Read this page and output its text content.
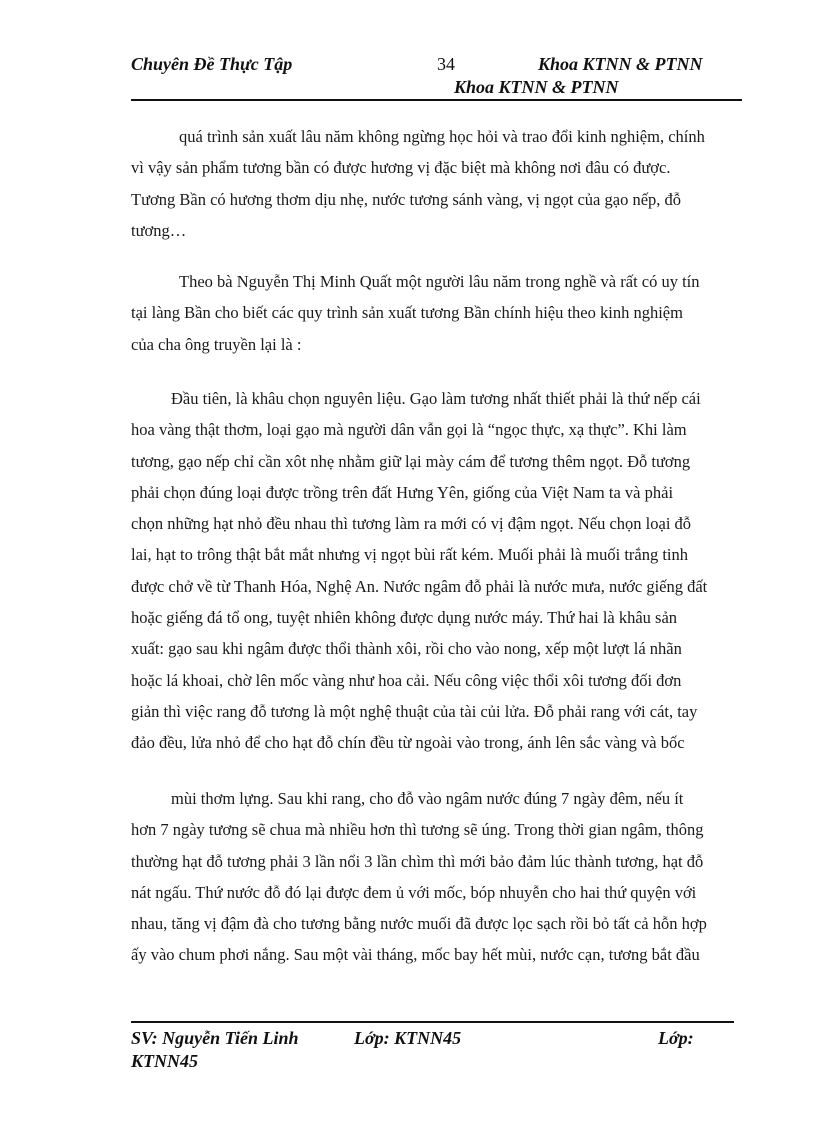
Chuyên Đề Thực Tập	34	Khoa KTNN & PTNN
Khoa KTNN & PTNN
quá trình sản xuất lâu năm không ngừng học hỏi và trao đổi kinh nghiệm, chính
vì vậy sản phẩm tương bần có được hương vị đặc biệt mà không nơi đâu có được.
Tương Bần có hương thơm dịu nhẹ, nước tương sánh vàng, vị ngọt của gạo nếp, đỗ
tương…
Theo bà Nguyễn Thị Minh Quất một người lâu năm trong nghề và rất có uy tín
tại làng Bần cho biết các quy trình sản xuất tương Bần chính hiệu theo kinh nghiệm
của cha ông truyền lại là :
Đầu tiên, là khâu chọn nguyên liệu. Gạo làm tương nhất thiết phải là thứ nếp cái
hoa vàng thật thơm, loại gạo mà người dân vẫn gọi là “ngọc thực, xạ thực”. Khi làm
tương, gạo nếp chỉ cần xôt nhẹ nhằm giữ lại mày cám để tương thêm ngọt. Đỗ tương
phải chọn đúng loại được trồng trên đất Hưng Yên, giống của Việt Nam ta và phải
chọn những hạt nhỏ đều nhau thì tương làm ra mới có vị đậm ngọt. Nếu chọn loại đỗ
lai, hạt to trông thật bắt mắt nhưng vị ngọt bùi rất kém. Muối phải là muối trắng tinh
được chở về từ Thanh Hóa, Nghệ An. Nước ngâm đỗ phải là nước mưa, nước giếng đất
hoặc giếng đá tổ ong, tuyệt nhiên không được dụng nước máy. Thứ hai là khâu sản
xuất: gạo sau khi ngâm được thổi thành xôi, rồi cho vào nong, xếp một lượt lá nhãn
hoặc lá khoai, chờ lên mốc vàng như hoa cải. Nếu công việc thổi xôi tương đối đơn
giản thì việc rang đỗ tương là một nghệ thuật của tài củi lửa. Đỗ phải rang với cát, tay
đảo đều, lửa nhỏ để cho hạt đỗ chín đều từ ngoài vào trong, ánh lên sắc vàng và bốc
mùi thơm lựng. Sau khi rang, cho đỗ vào ngâm nước đúng 7 ngày đêm, nếu ít
hơn 7 ngày tương sẽ chua mà nhiều hơn thì tương sẽ úng. Trong thời gian ngâm, thông
thường hạt đỗ tương phải 3 lần nổi 3 lần chìm thì mới bảo đảm lúc thành tương, hạt đỗ
nát ngấu. Thứ nước đỗ đó lại được đem ủ với mốc, bóp nhuyễn cho hai thứ quyện với
nhau, tăng vị đậm đà cho tương bằng nước muối đã được lọc sạch rồi bỏ tất cả hỗn hợp
ấy vào chum phơi nắng. Sau một vài tháng, mốc bay hết mùi, nước cạn, tương bắt đầu
SV: Nguyễn Tiến Linh	Lớp: KTNN45	Lớp:
KTNN45
